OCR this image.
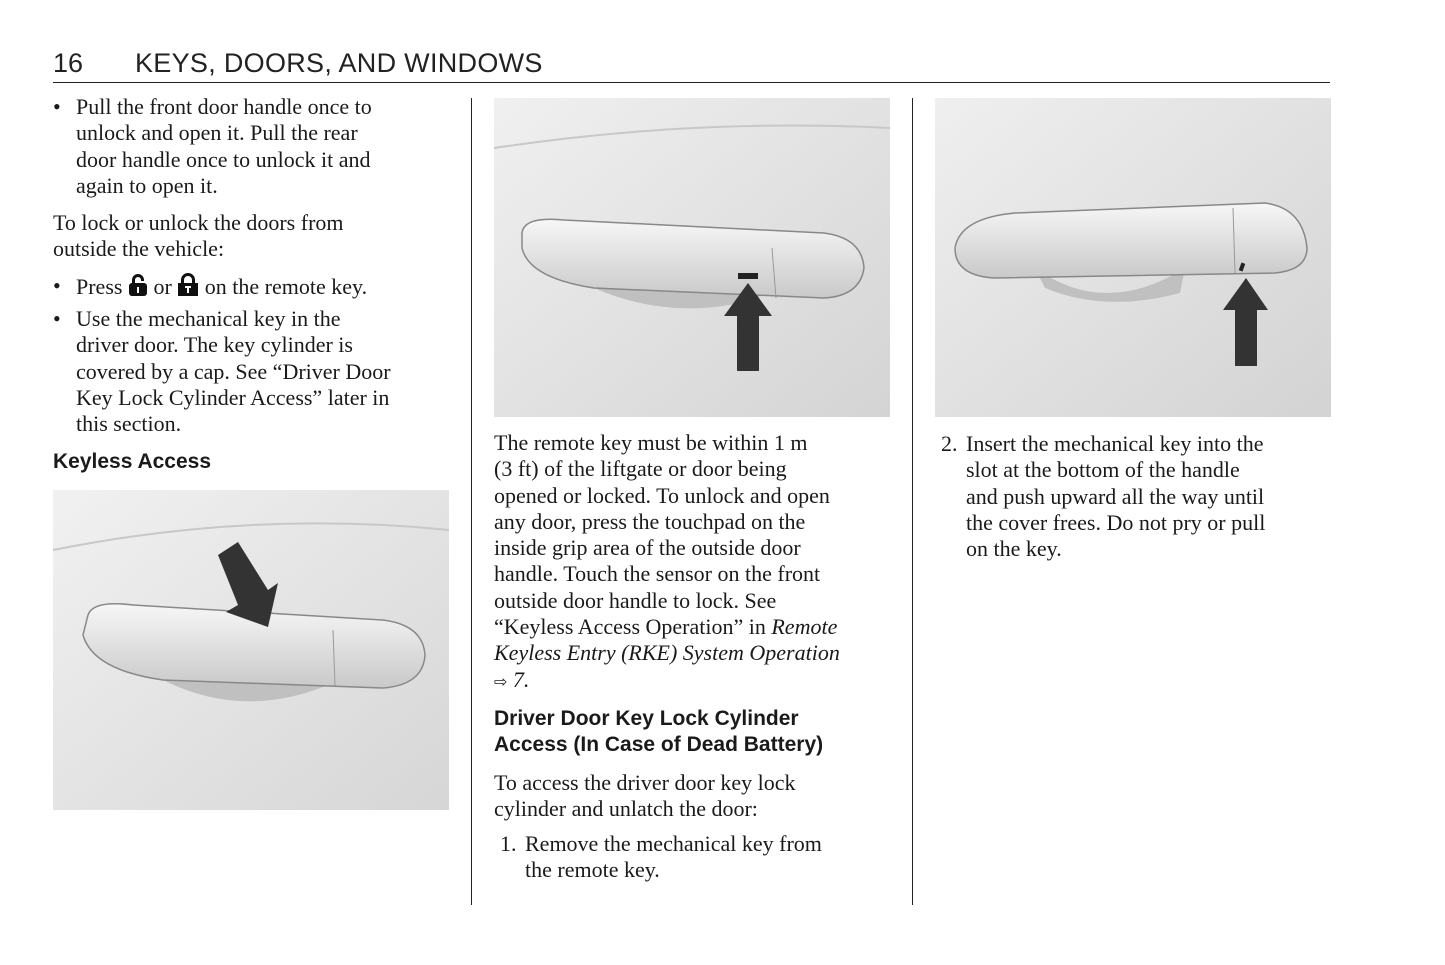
16 KEYS, DOORS, AND WINDOWS
• Pull the front door handle once to
unlock and open it. Pull the rear
door handle once to unlock it and
again to open it.

To lock or unlock the doors from
outside the vehicle:

• Press  or  on the remote key.
• Use the mechanical key in the
driver door. The key cylinder is
covered by a cap. See “Driver Door
Key Lock Cylinder Access” later in
this section.
Keyless Access

The remote key must be within 1 m
(3 ft) of the liftgate or door being
opened or locked. To unlock and open
any door, press the touchpad on the
inside grip area of the outside door
handle. Touch the sensor on the front
outside door handle to lock. See
“Keyless Access Operation” in Remote
Keyless Entry (RKE) System Operation
⇨ 7.

Driver Door Key Lock Cylinder
Access (In Case of Dead Battery)

To access the driver door key lock
cylinder and unlatch the door:

1. Remove the mechanical key from
the remote key.
2. Insert the mechanical key into the
slot at the bottom of the handle
and push upward all the way until
the cover frees. Do not pry or pull
on the key.
